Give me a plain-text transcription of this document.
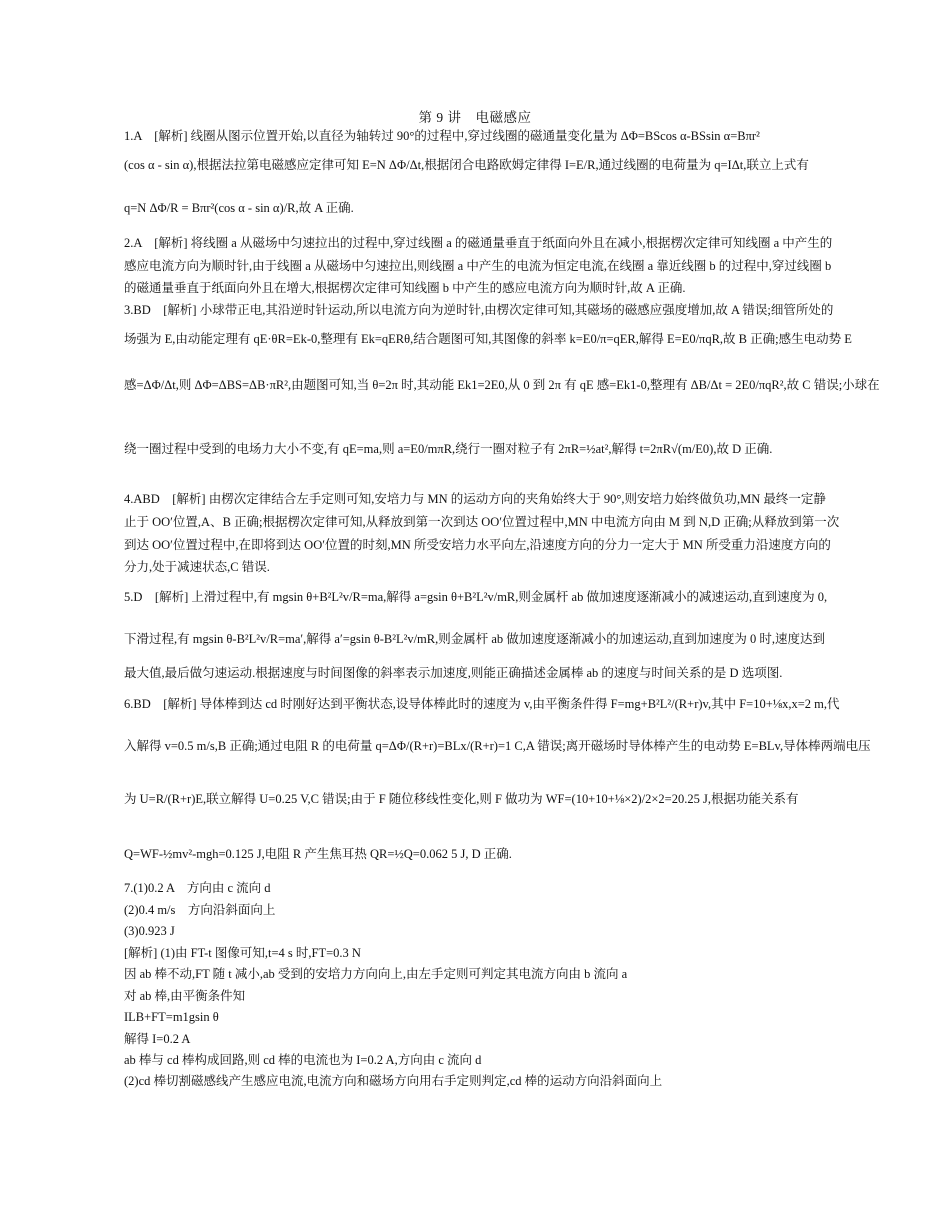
第 9 讲　电磁感应
1.A　[解析] 线圈从图示位置开始,以直径为轴转过 90°的过程中,穿过线圈的磁通量变化量为 ΔΦ=BScos α-BSsin α=Bπr²
(cos α - sin α),根据法拉第电磁感应定律可知 E=N ΔΦ/Δt,根据闭合电路欧姆定律得 I=E/R,通过线圈的电荷量为 q=IΔt,联立上式有
q=N ΔΦ/R = Bπr²(cos α - sin α)/R,故 A 正确.
2.A　[解析] 将线圈 a 从磁场中匀速拉出的过程中,穿过线圈 a 的磁通量垂直于纸面向外且在减小,根据楞次定律可知线圈 a 中产生的
感应电流方向为顺时针,由于线圈 a 从磁场中匀速拉出,则线圈 a 中产生的电流为恒定电流,在线圈 a 靠近线圈 b 的过程中,穿过线圈 b
的磁通量垂直于纸面向外且在增大,根据楞次定律可知线圈 b 中产生的感应电流方向为顺时针,故 A 正确.
3.BD　[解析] 小球带正电,其沿逆时针运动,所以电流方向为逆时针,由楞次定律可知,其磁场的磁感应强度增加,故 A 错误;细管所处的
场强为 E,由动能定理有 qE·θR=Ek-0,整理有 Ek=qERθ,结合题图可知,其图像的斜率 k=E0/π=qER,解得 E=E0/πqR,故 B 正确;感生电动势 E
感=ΔΦ/Δt,则 ΔΦ=ΔBS=ΔB·πR²,由题图可知,当 θ=2π 时,其动能 Ek1=2E0,从 0 到 2π 有 qE 感=Ek1-0,整理有 ΔB/Δt = 2E0/πqR²,故 C 错误;小球在
绕一圈过程中受到的电场力大小不变,有 qE=ma,则 a=E0/mπR,绕行一圈对粒子有 2πR=½at²,解得 t=2πR√(m/E0),故 D 正确.
4.ABD　[解析] 由楞次定律结合左手定则可知,安培力与 MN 的运动方向的夹角始终大于 90°,则安培力始终做负功,MN 最终一定静
止于 OO′位置,A、B 正确;根据楞次定律可知,从释放到第一次到达 OO′位置过程中,MN 中电流方向由 M 到 N,D 正确;从释放到第一次
到达 OO′位置过程中,在即将到达 OO′位置的时刻,MN 所受安培力水平向左,沿速度方向的分力一定大于 MN 所受重力沿速度方向的
分力,处于减速状态,C 错误.
5.D　[解析] 上滑过程中,有 mgsin θ+B²L²v/R=ma,解得 a=gsin θ+B²L²v/mR,则金属杆 ab 做加速度逐渐减小的减速运动,直到速度为 0,
下滑过程,有 mgsin θ-B²L²v/R=ma′,解得 a′=gsin θ-B²L²v/mR,则金属杆 ab 做加速度逐渐减小的加速运动,直到加速度为 0 时,速度达到
最大值,最后做匀速运动.根据速度与时间图像的斜率表示加速度,则能正确描述金属棒 ab 的速度与时间关系的是 D 选项图.
6.BD　[解析] 导体棒到达 cd 时刚好达到平衡状态,设导体棒此时的速度为 v,由平衡条件得 F=mg+B²L²/(R+r)v,其中 F=10+⅛x,x=2 m,代
入解得 v=0.5 m/s,B 正确;通过电阻 R 的电荷量 q=ΔΦ/(R+r)=BLx/(R+r)=1 C,A 错误;离开磁场时导体棒产生的电动势 E=BLv,导体棒两端电压
为 U=R/(R+r)E,联立解得 U=0.25 V,C 错误;由于 F 随位移线性变化,则 F 做功为 WF=(10+10+⅛×2)/2×2=20.25 J,根据功能关系有
Q=WF-½mv²-mgh=0.125 J,电阻 R 产生焦耳热 QR=½Q=0.062 5 J, D 正确.
7.(1)0.2 A　方向由 c 流向 d
(2)0.4 m/s　方向沿斜面向上
(3)0.923 J
[解析] (1)由 FT-t 图像可知,t=4 s 时,FT=0.3 N
因 ab 棒不动,FT 随 t 减小,ab 受到的安培力方向向上,由左手定则可判定其电流方向由 b 流向 a
对 ab 棒,由平衡条件知
ILB+FT=m1gsin θ
解得 I=0.2 A
ab 棒与 cd 棒构成回路,则 cd 棒的电流也为 I=0.2 A,方向由 c 流向 d
(2)cd 棒切割磁感线产生感应电流,电流方向和磁场方向用右手定则判定,cd 棒的运动方向沿斜面向上
